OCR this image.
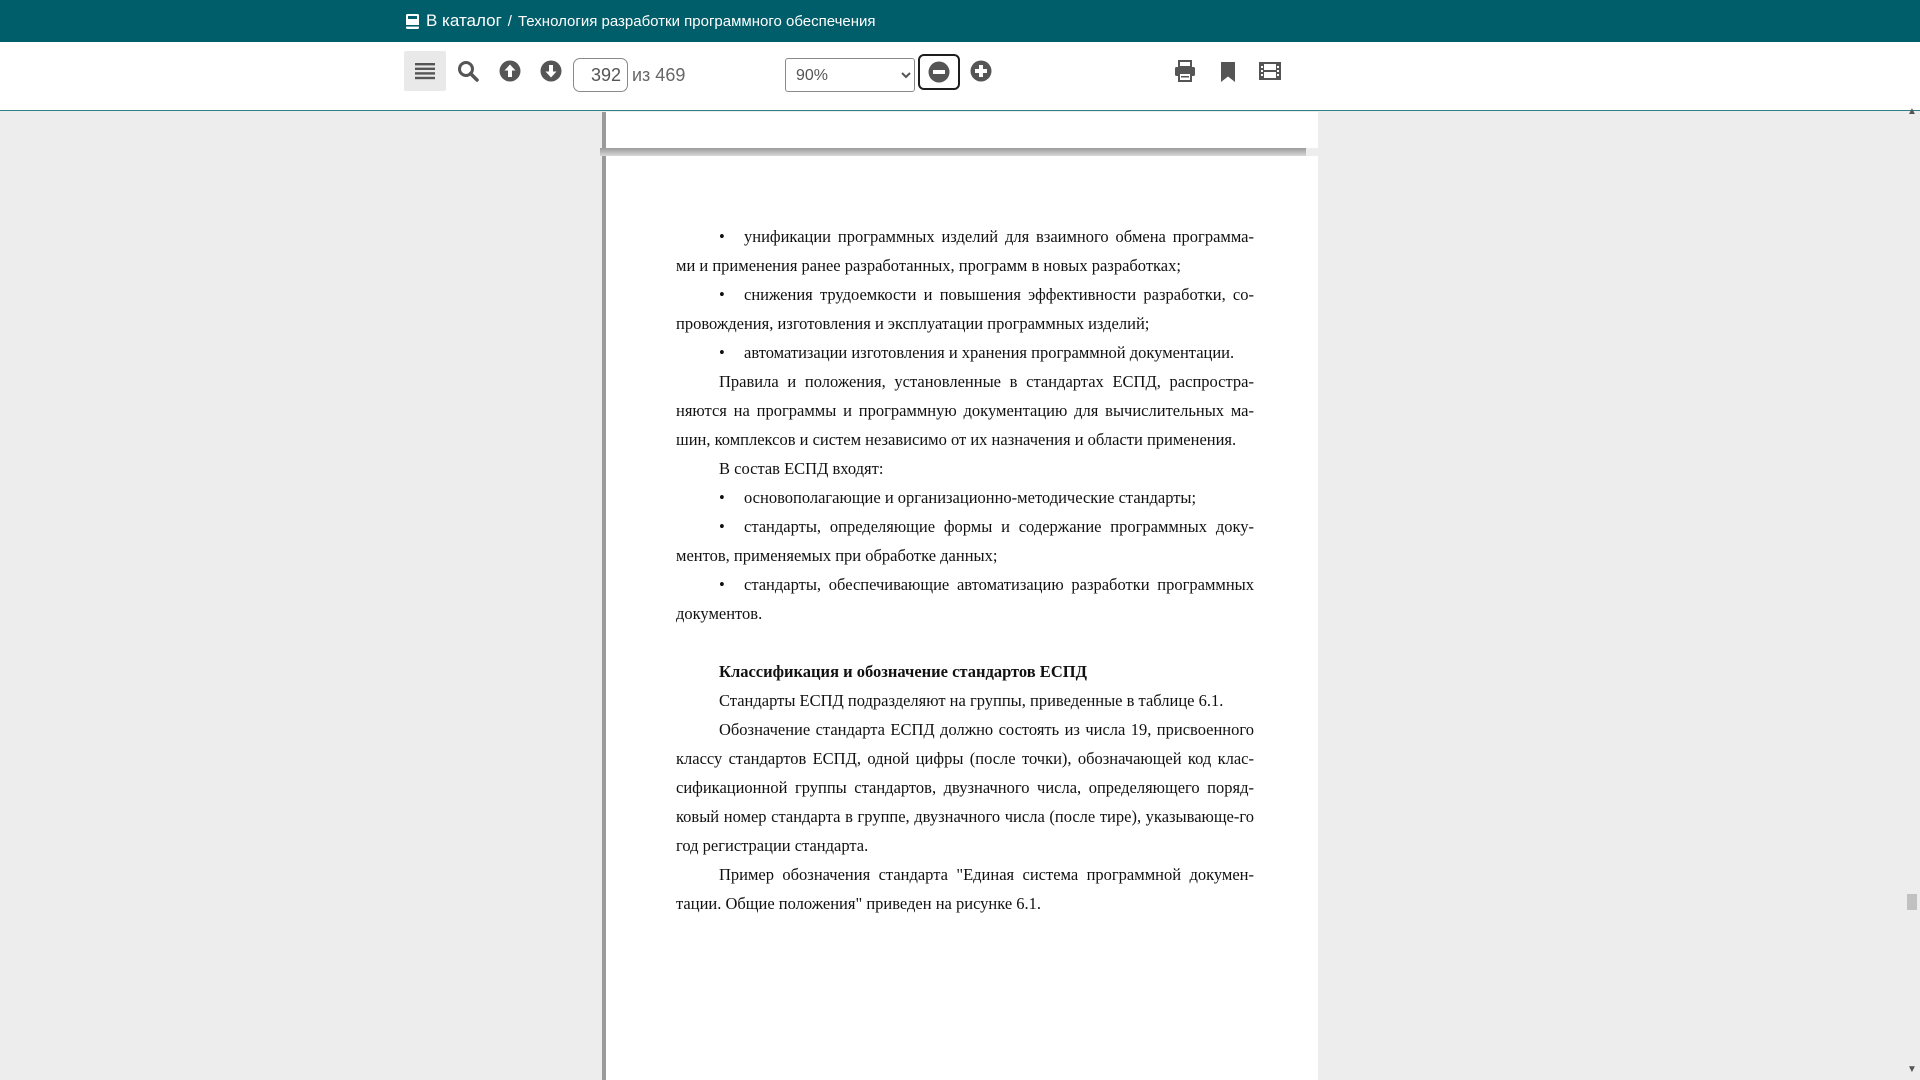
В каталог / Технология разработки программного обеспечения
392
из 469
90%

• унификации программных изделий для взаимного обмена программа-ми и применения ранее разработанных, программ в новых разработках;

• снижения трудоемкости и повышения эффективности разработки, со-провождения, изготовления и эксплуатации программных изделий;

• автоматизации изготовления и хранения программной документации.

Правила и положения, установленные в стандартах ЕСПД, распростра-няются на программы и программную документацию для вычислительных ма-шин, комплексов и систем независимо от их назначения и области применения.

В состав ЕСПД входят:

• основополагающие и организационно-методические стандарты;

• стандарты, определяющие формы и содержание программных доку-ментов, применяемых при обработке данных;

• стандарты, обеспечивающие автоматизацию разработки программных документов.

Классификация и обозначение стандартов ЕСПД

Стандарты ЕСПД подразделяют на группы, приведенные в таблице 6.1.

Обозначение стандарта ЕСПД должно состоять из числа 19, присвоенного классу стандартов ЕСПД, одной цифры (после точки), обозначающей код клас-сификационной группы стандартов, двузначного числа, определяющего поряд-ковый номер стандарта в группе, двузначного числа (после тире), указывающе-го год регистрации стандарта.

Пример обозначения стандарта "Единая система программной докумен-тации. Общие положения" приведен на рисунке 6.1.

▲
▼
